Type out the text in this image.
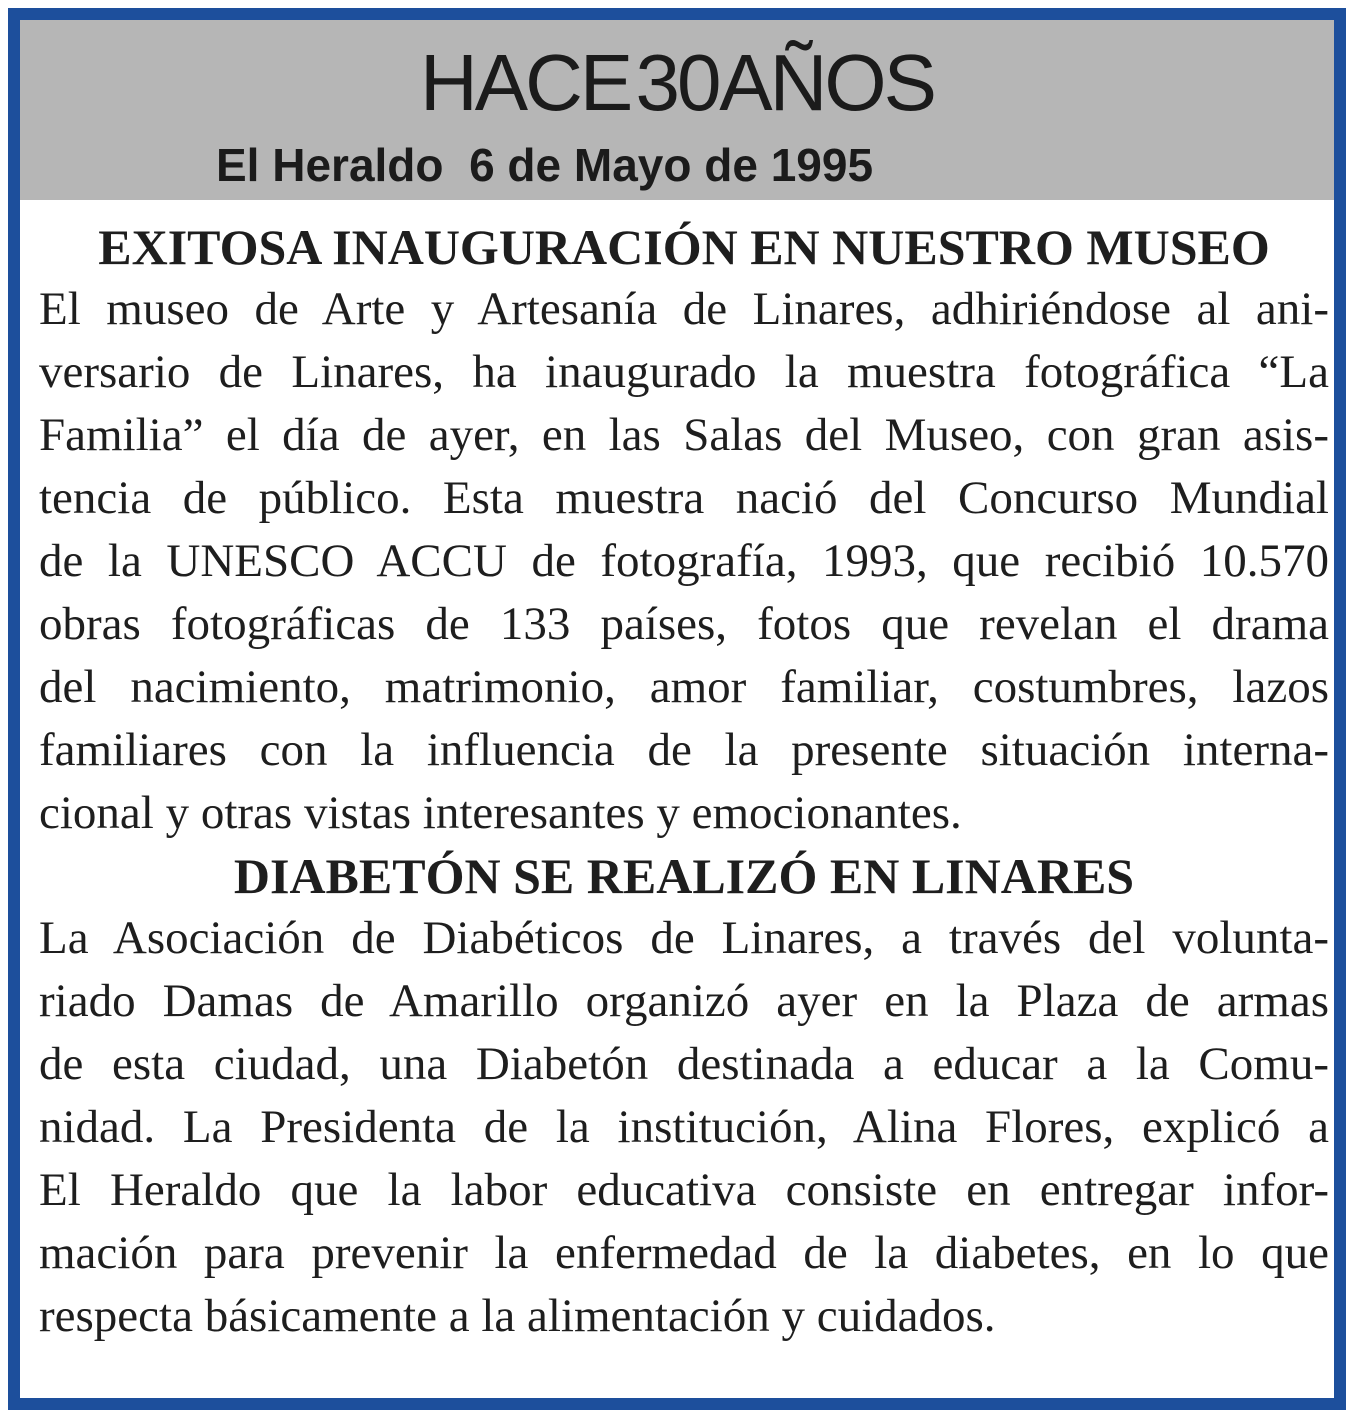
HACE 30 AÑOS
El Heraldo  6 de Mayo de 1995
EXITOSA INAUGURACIÓN EN NUESTRO MUSEO

El museo de Arte y Artesanía de Linares, adhiriéndose al ani-
versario de Linares, ha inaugurado la muestra fotográfica “La
Familia” el día de ayer, en las Salas del Museo, con gran asis-
tencia de público. Esta muestra nació del Concurso Mundial
de la UNESCO ACCU de fotografía, 1993, que recibió 10.570
obras fotográficas de 133 países, fotos que revelan el drama
del nacimiento, matrimonio, amor familiar, costumbres, lazos
familiares con la influencia de la presente situación interna-
cional y otras vistas interesantes y emocionantes.

DIABETÓN SE REALIZÓ EN LINARES

La Asociación de Diabéticos de Linares, a través del volunta-
riado Damas de Amarillo organizó ayer en la Plaza de armas
de esta ciudad, una Diabetón destinada a educar a la Comu-
nidad. La Presidenta de la institución, Alina Flores, explicó a
El Heraldo que la labor educativa consiste en entregar infor-
mación para prevenir la enfermedad de la diabetes, en lo que
respecta básicamente a la alimentación y cuidados.
